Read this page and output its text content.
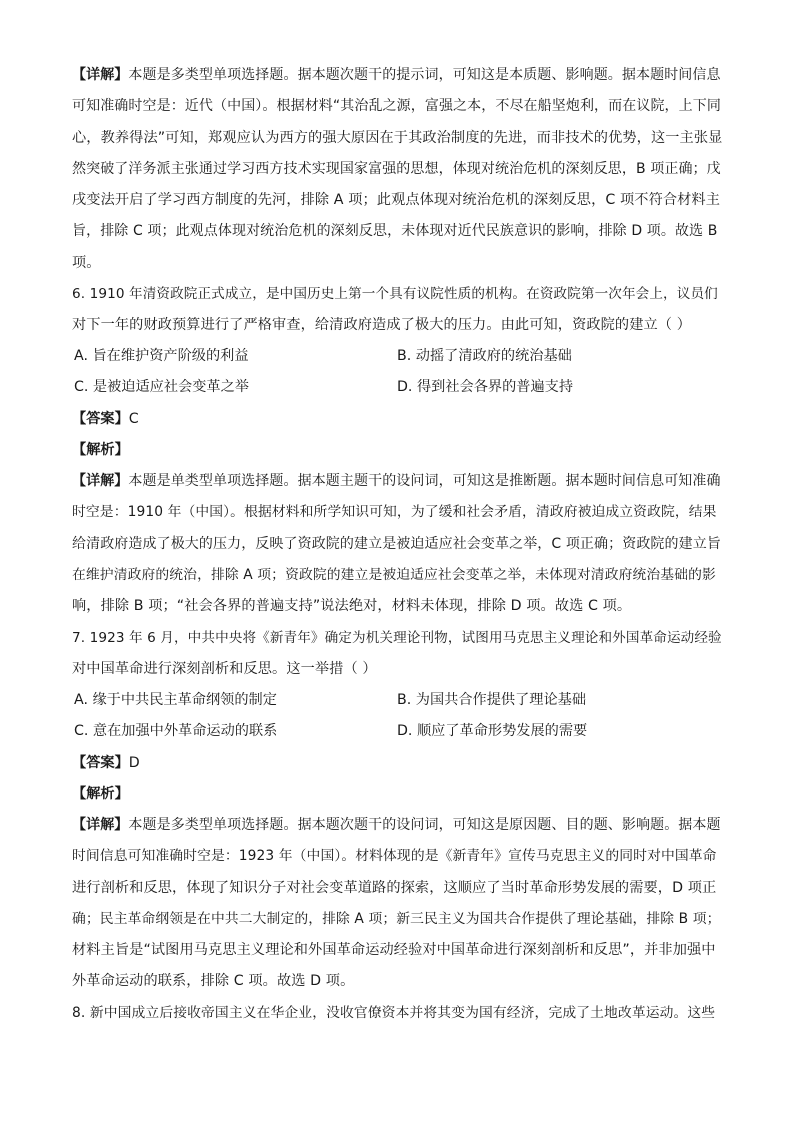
【详解】本题是多类型单项选择题。据本题次题干的提示词，可知这是本质题、影响题。据本题时间信息
可知准确时空是：近代（中国）。根据材料“其治乱之源，富强之本，不尽在船坚炮利，而在议院，上下同
心，教养得法”可知，郑观应认为西方的强大原因在于其政治制度的先进，而非技术的优势，这一主张显
然突破了洋务派主张通过学习西方技术实现国家富强的思想，体现对统治危机的深刻反思，B 项正确；戊
戌变法开启了学习西方制度的先河，排除 A 项；此观点体现对统治危机的深刻反思，C 项不符合材料主
旨，排除 C 项；此观点体现对统治危机的深刻反思，未体现对近代民族意识的影响，排除 D 项。故选 B
项。
6. 1910 年清资政院正式成立，是中国历史上第一个具有议院性质的机构。在资政院第一次年会上，议员们
对下一年的财政预算进行了严格审查，给清政府造成了极大的压力。由此可知，资政院的建立（ ）
A. 旨在维护资产阶级的利益	B. 动摇了清政府的统治基础
C. 是被迫适应社会变革之举	D. 得到社会各界的普遍支持
【答案】C
【解析】
【详解】本题是单类型单项选择题。据本题主题干的设问词，可知这是推断题。据本题时间信息可知准确
时空是：1910 年（中国）。根据材料和所学知识可知，为了缓和社会矛盾，清政府被迫成立资政院，结果
给清政府造成了极大的压力，反映了资政院的建立是被迫适应社会变革之举，C 项正确；资政院的建立旨
在维护清政府的统治，排除 A 项；资政院的建立是被迫适应社会变革之举，未体现对清政府统治基础的影
响，排除 B 项；“社会各界的普遍支持”说法绝对，材料未体现，排除 D 项。故选 C 项。
7. 1923 年 6 月，中共中央将《新青年》确定为机关理论刊物，试图用马克思主义理论和外国革命运动经验
对中国革命进行深刻剖析和反思。这一举措（ ）
A. 缘于中共民主革命纲领的制定	B. 为国共合作提供了理论基础
C. 意在加强中外革命运动的联系	D. 顺应了革命形势发展的需要
【答案】D
【解析】
【详解】本题是多类型单项选择题。据本题次题干的设问词，可知这是原因题、目的题、影响题。据本题
时间信息可知准确时空是：1923 年（中国）。材料体现的是《新青年》宣传马克思主义的同时对中国革命
进行剖析和反思，体现了知识分子对社会变革道路的探索，这顺应了当时革命形势发展的需要，D 项正
确；民主革命纲领是在中共二大制定的，排除 A 项；新三民主义为国共合作提供了理论基础，排除 B 项；
材料主旨是“试图用马克思主义理论和外国革命运动经验对中国革命进行深刻剖析和反思”，并非加强中
外革命运动的联系，排除 C 项。故选 D 项。
8. 新中国成立后接收帝国主义在华企业，没收官僚资本并将其变为国有经济，完成了土地改革运动。这些
